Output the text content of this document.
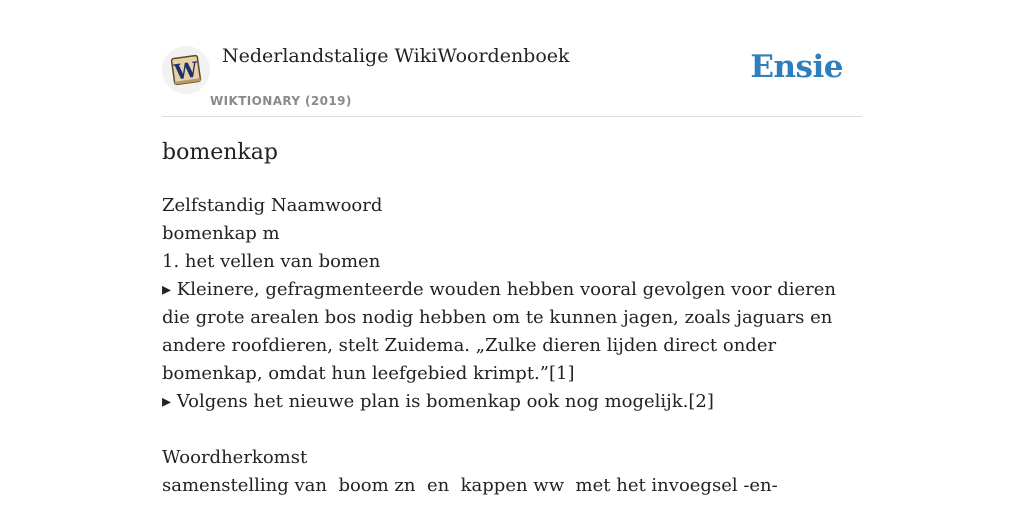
W
Nederlandstalige WikiWoordenboek
WIKTIONARY (2019)
Ensie
bomenkap
Zelfstandig Naamwoord
bomenkap m
1. het vellen van bomen
▸ Kleinere, gefragmenteerde wouden hebben vooral gevolgen voor dieren die grote arealen bos nodig hebben om te kunnen jagen, zoals jaguars en andere roofdieren, stelt Zuidema. „Zulke dieren lijden direct onder bomenkap, omdat hun leefgebied krimpt.”[1]
▸ Volgens het nieuwe plan is bomenkap ook nog mogelijk.[2]
Woordherkomst
samenstelling van  boom zn  en  kappen ww  met het invoegsel -en-
